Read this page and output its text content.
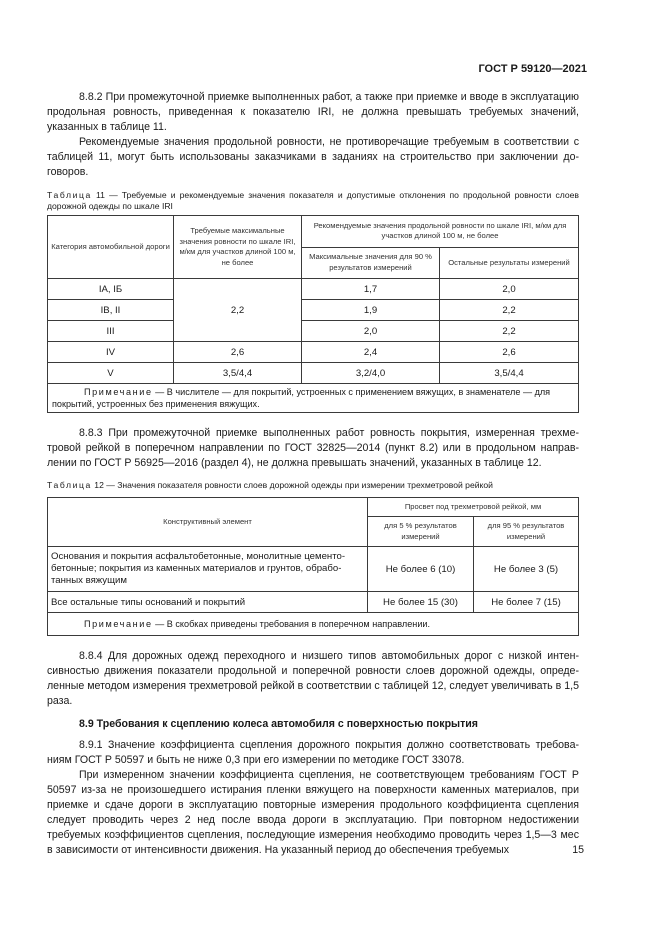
ГОСТ Р 59120—2021

8.8.2 При промежуточной приемке выполненных работ, а также при приемке и вводе в эксплуатацию продольная ровность, приведенная к показателю IRI, не должна превышать требуемых значений, указанных в таблице 11.

Рекомендуемые значения продольной ровности, не противоречащие требуемым в соответствии с таблицей 11, могут быть использованы заказчиками в заданиях на строительство при заключении договоров.

Таблица 11 — Требуемые и рекомендуемые значения показателя и допустимые отклонения по продольной ровности слоев дорожной одежды по шкале IRI

Категория автомобильной дороги	Требуемые максимальные значения ровности по шкале IRI, м/км для участков длиной 100 м, не более	Рекомендуемые значения продольной ровности по шкале IRI, м/км для участков длиной 100 м, не более	
		Максимальные значения для 90 % результатов измерений	Остальные результаты измерений
IA, IБ	2,2	1,7	2,0
IB, II		1,9	2,2
III		2,0	2,2
IV	2,6	2,4	2,6
V	3,5/4,4	3,2/4,0	3,5/4,4
Примечание — В числителе — для покрытий, устроенных с применением вяжущих, в знаменателе — для покрытий, устроенных без применения вяжущих.			

8.8.3 При промежуточной приемке выполненных работ ровность покрытия, измеренная трехметровой рейкой в поперечном направлении по ГОСТ 32825—2014 (пункт 8.2) или в продольном направлении по ГОСТ Р 56925—2016 (раздел 4), не должна превышать значений, указанных в таблице 12.

Таблица 12 — Значения показателя ровности слоев дорожной одежды при измерении трехметровой рейкой

Конструктивный элемент	Просвет под трехметровой рейкой, мм	
	для 5 % результатов измерений	для 95 % результатов измерений
Основания и покрытия асфальтобетонные, монолитные цементобетонные; покрытия из каменных материалов и грунтов, обработанных вяжущим	Не более 6 (10)	Не более 3 (5)
Все остальные типы оснований и покрытий	Не более 15 (30)	Не более 7 (15)
Примечание — В скобках приведены требования в поперечном направлении.		

8.8.4 Для дорожных одежд переходного и низшего типов автомобильных дорог с низкой интенсивностью движения показатели продольной и поперечной ровности слоев дорожной одежды, определенные методом измерения трехметровой рейкой в соответствии с таблицей 12, следует увеличивать в 1,5 раза.

8.9 Требования к сцеплению колеса автомобиля с поверхностью покрытия

8.9.1 Значение коэффициента сцепления дорожного покрытия должно соответствовать требованиям ГОСТ Р 50597 и быть не ниже 0,3 при его измерении по методике ГОСТ 33078.

При измеренном значении коэффициента сцепления, не соответствующем требованиям ГОСТ Р 50597 из-за не произошедшего истирания пленки вяжущего на поверхности каменных материалов, при приемке и сдаче дороги в эксплуатацию повторные измерения продольного коэффициента сцепления следует проводить через 2 нед после ввода дороги в эксплуатацию. При повторном недостижении требуемых коэффициентов сцепления, последующие измерения необходимо проводить через 1,5—3 мес в зависимости от интенсивности движения. На указанный период до обеспечения требуемых	15
